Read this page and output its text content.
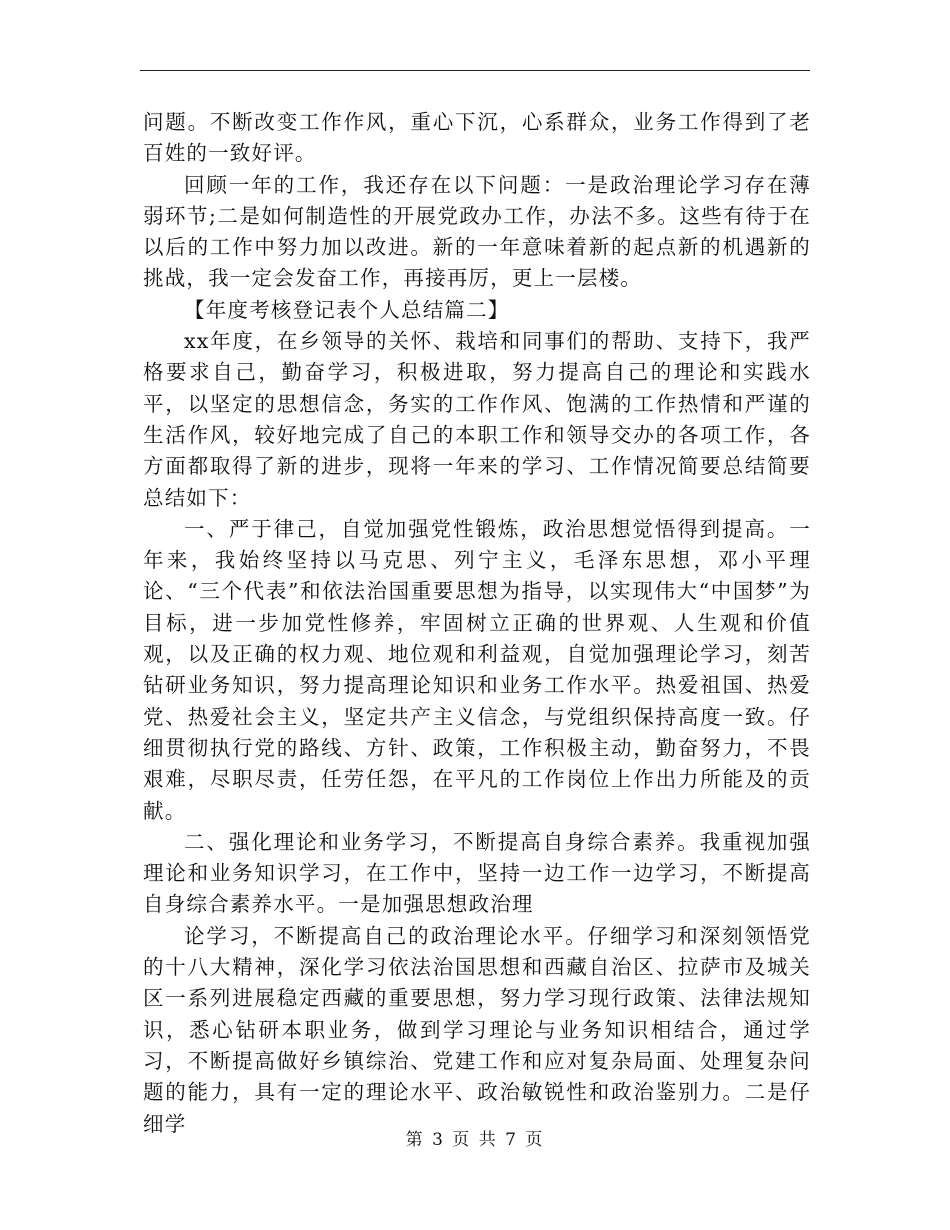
问题。不断改变工作作风，重心下沉，心系群众，业务工作得到了老百姓的一致好评。

回顾一年的工作，我还存在以下问题：一是政治理论学习存在薄弱环节;二是如何制造性的开展党政办工作，办法不多。这些有待于在以后的工作中努力加以改进。新的一年意味着新的起点新的机遇新的挑战，我一定会发奋工作，再接再厉，更上一层楼。

【年度考核登记表个人总结篇二】

xx年度，在乡领导的关怀、栽培和同事们的帮助、支持下，我严格要求自己，勤奋学习，积极进取，努力提高自己的理论和实践水平，以坚定的思想信念，务实的工作作风、饱满的工作热情和严谨的生活作风，较好地完成了自己的本职工作和领导交办的各项工作，各方面都取得了新的进步，现将一年来的学习、工作情况简要总结简要总结如下：

一、严于律己，自觉加强党性锻炼，政治思想觉悟得到提高。一年来，我始终坚持以马克思、列宁主义，毛泽东思想，邓小平理论、“三个代表”和依法治国重要思想为指导，以实现伟大“中国梦”为目标，进一步加党性修养，牢固树立正确的世界观、人生观和价值观，以及正确的权力观、地位观和利益观，自觉加强理论学习，刻苦钻研业务知识，努力提高理论知识和业务工作水平。热爱祖国、热爱党、热爱社会主义，坚定共产主义信念，与党组织保持高度一致。仔细贯彻执行党的路线、方针、政策，工作积极主动，勤奋努力，不畏艰难，尽职尽责，任劳任怨，在平凡的工作岗位上作出力所能及的贡献。

二、强化理论和业务学习，不断提高自身综合素养。我重视加强理论和业务知识学习，在工作中，坚持一边工作一边学习，不断提高自身综合素养水平。一是加强思想政治理

论学习，不断提高自己的政治理论水平。仔细学习和深刻领悟党的十八大精神，深化学习依法治国思想和西藏自治区、拉萨市及城关区一系列进展稳定西藏的重要思想，努力学习现行政策、法律法规知识，悉心钻研本职业务，做到学习理论与业务知识相结合，通过学习，不断提高做好乡镇综治、党建工作和应对复杂局面、处理复杂问题的能力，具有一定的理论水平、政治敏锐性和政治鉴别力。二是仔细学

第 3 页 共 7 页
